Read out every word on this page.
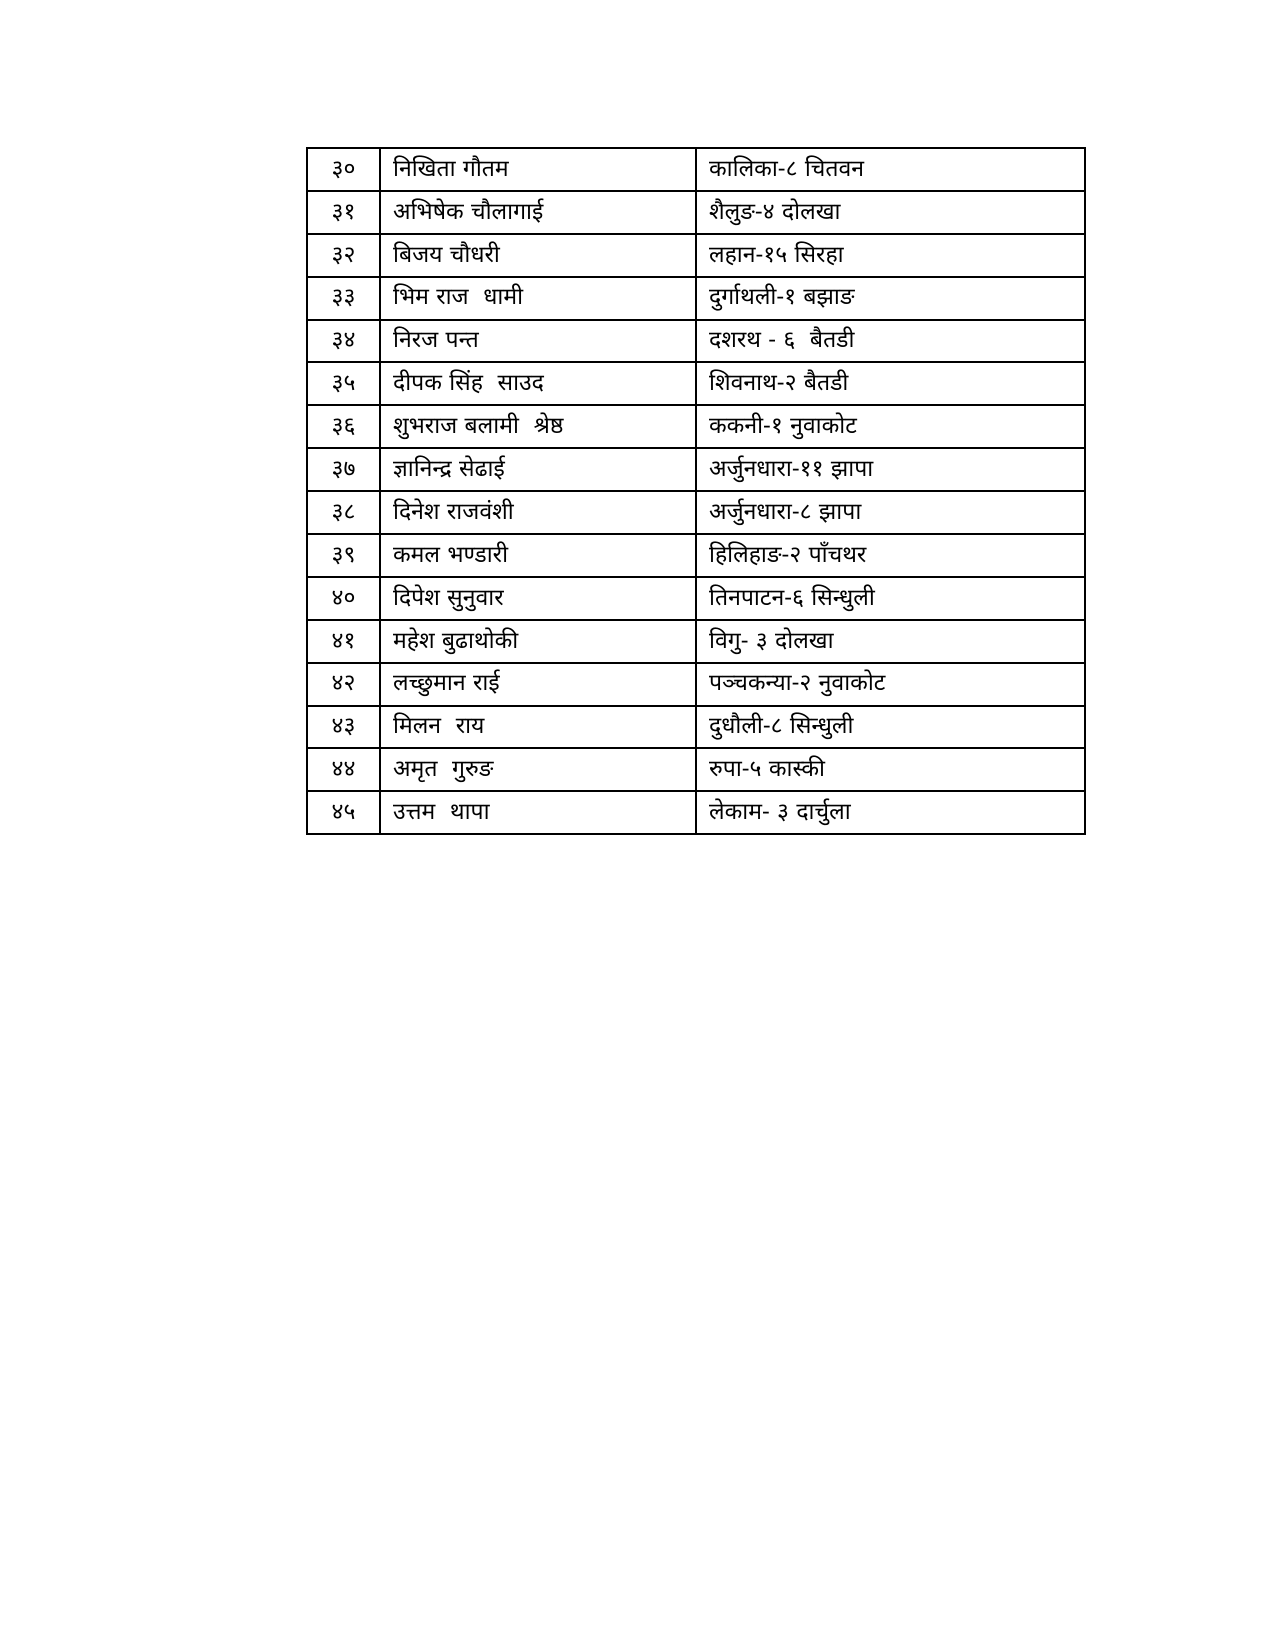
३०	निखिता गौतम	कालिका-८ चितवन
३१	अभिषेक चौलागाई	शैलुङ-४ दोलखा
३२	बिजय चौधरी	लहान-१५ सिरहा
३३	भिम राज  धामी	दुर्गाथली-१ बझाङ
३४	निरज पन्त	दशरथ - ६  बैतडी
३५	दीपक सिंह  साउद	शिवनाथ-२ बैतडी
३६	शुभराज बलामी  श्रेष्ठ	ककनी-१ नुवाकोट
३७	ज्ञानिन्द्र सेढाई	अर्जुनधारा-११ झापा
३८	दिनेश राजवंशी	अर्जुनधारा-८ झापा
३९	कमल भण्डारी	हिलिहाङ-२ पाँचथर
४०	दिपेश सुनुवार	तिनपाटन-६ सिन्धुली
४१	महेश बुढाथोकी	विगु- ३ दोलखा
४२	लच्छुमान राई	पञ्चकन्या-२ नुवाकोट
४३	मिलन  राय	दुधौली-८ सिन्धुली
४४	अमृत  गुरुङ	रुपा-५ कास्की
४५	उत्तम  थापा	लेकाम- ३ दार्चुला
